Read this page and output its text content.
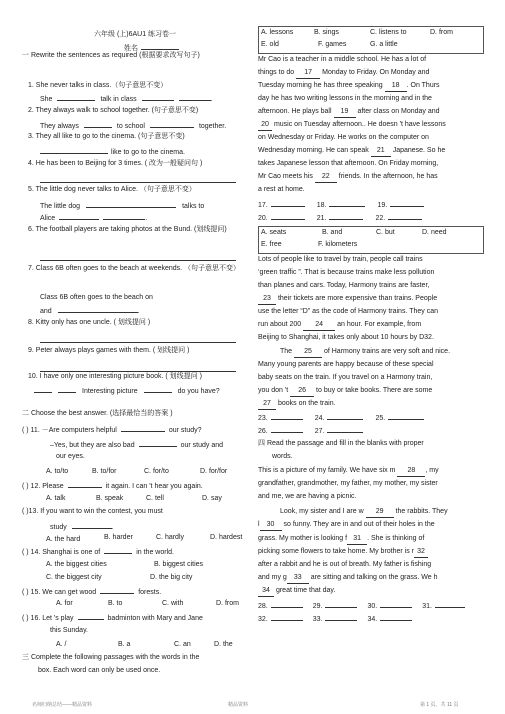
六年级 (上)6AU1 练习卷一
姓名
一 Rewrite the sentences as required (根据要求改写句子)
1. She never talks in class.（句子意思不变）
She	talk in class	.
2. They always walk to school together. (句子意思不变)
They always	to school	together.
3. They all like to go to the cinema. (句子意思不变)
like to go to the cinema.
4. He has been to Beijing for 3 times. ( 改为一般疑问句 )
5. The little dog never talks to Alice. （句子意思不变）
The little dog	talks to
Alice	.
6. The football players are taking photos at the Bund. (划线提问)
7. Class 6B often goes to the beach at weekends. （句子意思不变）
Class 6B often goes to the beach on
and	.
8. Kitty only has one uncle. ( 划线提问 )
9. Peter always plays games with them. ( 划线提问 )
10. I have only one interesting picture book. ( 划线提问 )
Interesting picture	do you have?
二 Choose the best answer. (选择最恰当的答案 )
( ) 11. －Are computers helpful	our study?
–Yes, but they are also bad	our study and
our eyes.
A. to/to	B. to/for	C. for/to	D. for/for
( ) 12. Please	it again. I can 't hear you again.
A. talk	B. speak	C. tell	D. say
( )13. If you want to win the contest, you must
study	.
A. the hard	B. harder	C. hardly	D. hardest
( ) 14. Shanghai is one of	in the world.
A. the biggest cities	B. biggest cities
C. the biggest city	D. the big city
( ) 15. We can get wood	forests.
A. for	B. to	C. with	D. from
( ) 16. Let 's play	badminton with Mary and Jane
this Sunday.
A. /	B. a	C. an	D. the
三 Complete the following passages with the words in the
box. Each word can only be used once.
A. lessons	B. sings	C. listens to	D. from
E. old	F. games	G. a little
Mr Cao is a teacher in a middle school. He has a lot of
things to do 17 Monday to Friday. On Monday and
Tuesday morning he has three speaking 18 . On Thurs
day he has two writing lessons in the morning and in the
afternoon. He plays ball 19 after class on Monday and
20 music on Tuesday afternoon.. He doesn 't have lessons
on Wednesday or Friday. He works on the computer on
Wednesday morning. He can speak 21 Japanese. So he
takes Japanese lesson that afternoon. On Friday morning,
Mr Cao meets his 22 friends. In the afternoon, he has
a rest at home.
17.	18.	19.
20.	21.	22.
A. seats	B. and	C. but	D. need
E. free	F. kilometers
Lots of people like to travel by train, people call trains
‘green traffic ”. That is because trains make less pollution
than planes and cars. Today, Harmony trains are faster,
23 their tickets are more expensive than trains. People
use the letter “D” as the code of Harmony trains. They can
run about 200 24 an hour. For example, from
Beijing to Shanghai, it takes only about 10 hours by D32.
The 25 of Harmony trains are very soft and nice.
Many young parents are happy because of these special
baby seats on the train. If you travel on a Harmony train,
you don 't 26 to buy or take books. There are some
27 books on the train.
23.	24.	25.
26.	27.
四 Read the passage and fill in the blanks with proper
words.
This is a picture of my family. We have six m 28 , my
grandfather, grandmother, my father, my mother, my sister
and me, we are having a picnic.
Look, my sister and I are w 29 the rabbits. They
l 30 so funny. They are in and out of their holes in the
grass. My mother is looking f 31 . She is thinking of
picking some flowers to take home. My brother is r 32
after a rabbit and he is out of breath. My father is fishing
and my g 33 are sitting and talking on the grass. We h
34 great time that day.
28.	29.	30.	31.
32.	33.	34.
名师归纳总结——精品资料	精品资料	第 1 页，共 11 页
